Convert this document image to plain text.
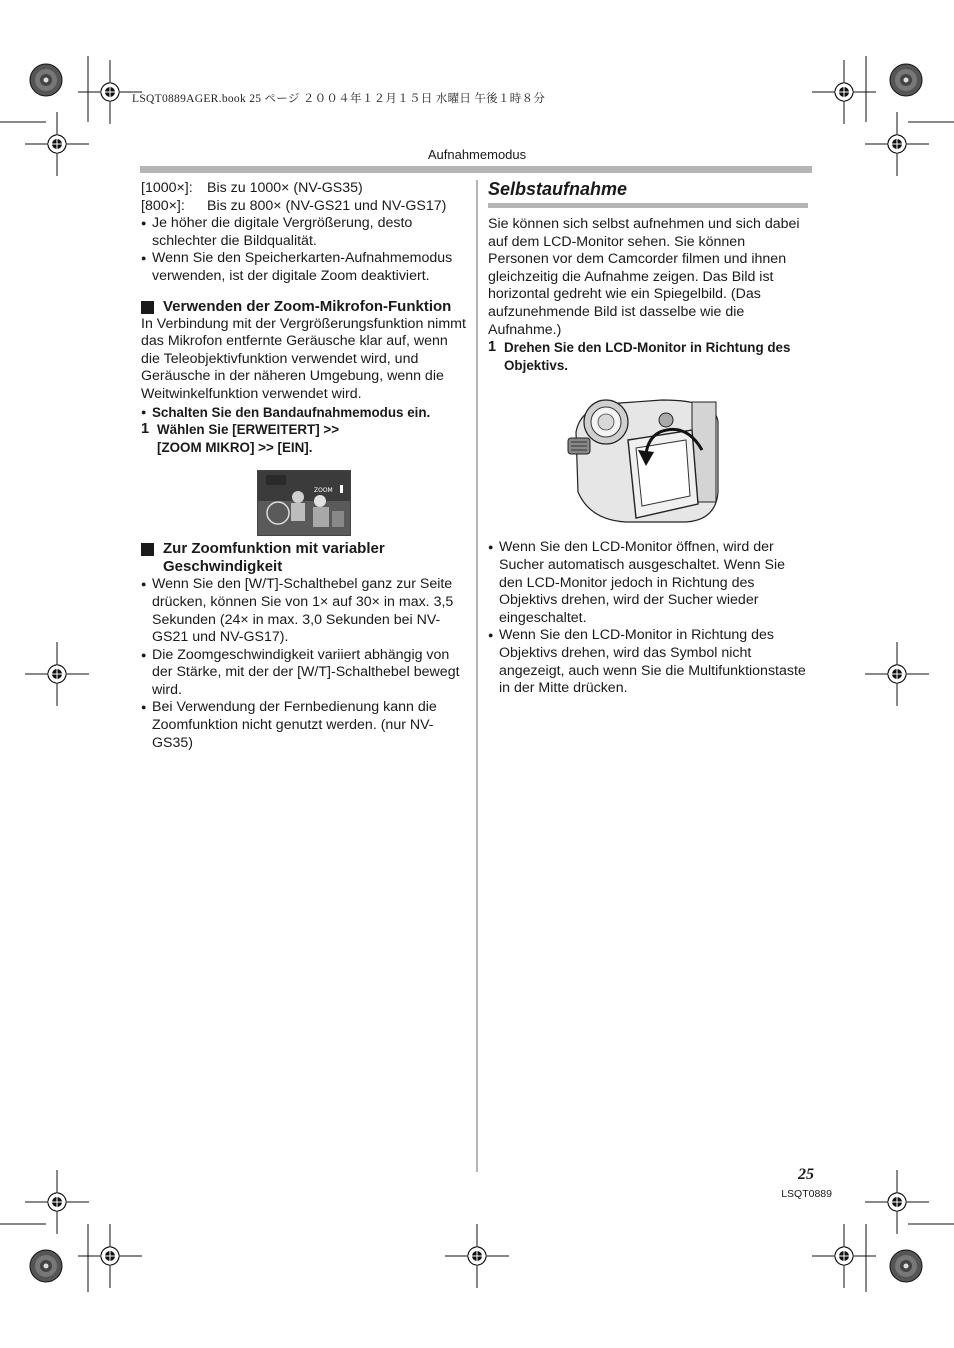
LSQT0889AGER.book 25 ページ ２００４年１２月１５日 水曜日 午後１時８分
Aufnahmemodus

[1000×]:	Bis zu 1000× (NV-GS35)

[800×]:	Bis zu 800× (NV-GS21 und NV-GS17)

● Je höher die digitale Vergrößerung, desto schlechter die Bildqualität.

● Wenn Sie den Speicherkarten-Aufnahmemodus verwenden, ist der digitale Zoom deaktiviert.

Verwenden der Zoom-Mikrofon-Funktion

In Verbindung mit der Vergrößerungsfunktion nimmt das Mikrofon entfernte Geräusche klar auf, wenn die Teleobjektivfunktion verwendet wird, und Geräusche in der näheren Umgebung, wenn die Weitwinkelfunktion verwendet wird.

● Schalten Sie den Bandaufnahmemodus ein.

1 Wählen Sie [ERWEITERT] >>
[ZOOM MIKRO] >> [EIN].
ZOOM
Zur Zoomfunktion mit variabler Geschwindigkeit

● Wenn Sie den [W/T]-Schalthebel ganz zur Seite drücken, können Sie von 1× auf 30× in max. 3,5 Sekunden (24× in max. 3,0 Sekunden bei NV-GS21 und NV-GS17).

● Die Zoomgeschwindigkeit variiert abhängig von der Stärke, mit der der [W/T]-Schalthebel bewegt wird.

● Bei Verwendung der Fernbedienung kann die Zoomfunktion nicht genutzt werden. (nur NV-GS35)

Selbstaufnahme

Sie können sich selbst aufnehmen und sich dabei auf dem LCD-Monitor sehen. Sie können Personen vor dem Camcorder filmen und ihnen gleichzeitig die Aufnahme zeigen. Das Bild ist horizontal gedreht wie ein Spiegelbild. (Das aufzunehmende Bild ist dasselbe wie die Aufnahme.)

1 Drehen Sie den LCD-Monitor in Richtung des Objektivs.

● Wenn Sie den LCD-Monitor öffnen, wird der Sucher automatisch ausgeschaltet. Wenn Sie den LCD-Monitor jedoch in Richtung des Objektivs drehen, wird der Sucher wieder eingeschaltet.

● Wenn Sie den LCD-Monitor in Richtung des Objektivs drehen, wird das Symbol nicht angezeigt, auch wenn Sie die Multifunktionstaste in der Mitte drücken.

25
LSQT0889
